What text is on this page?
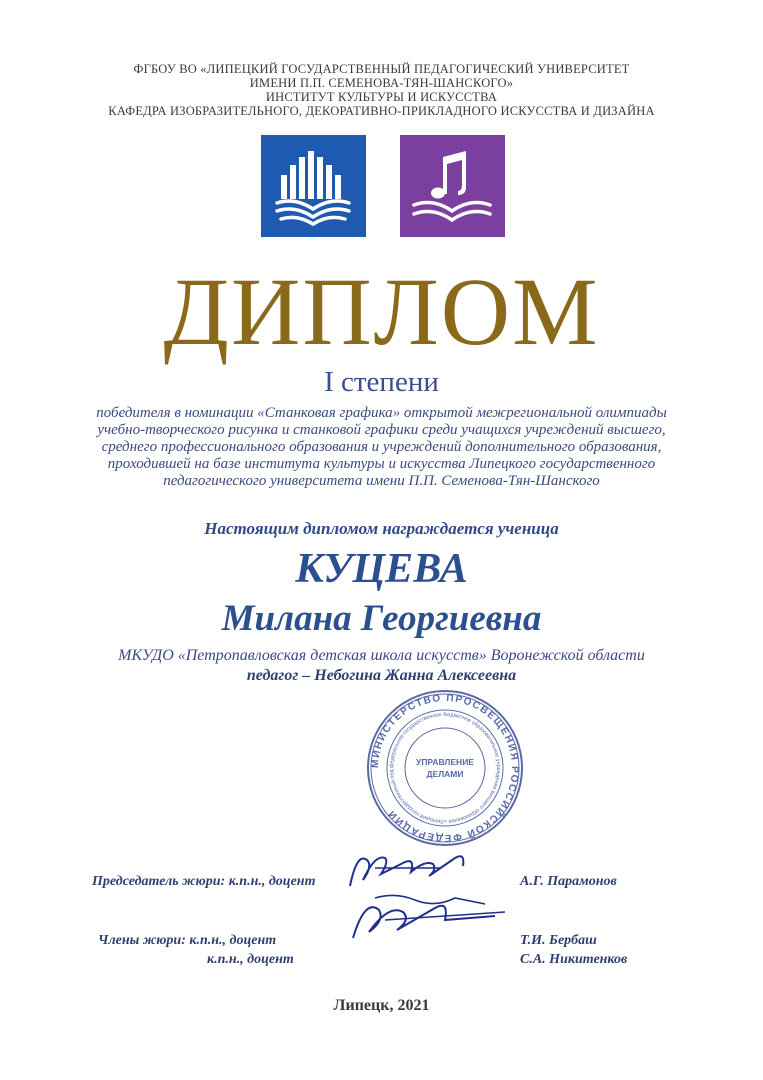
ФГБОУ ВО «ЛИПЕЦКИЙ ГОСУДАРСТВЕННЫЙ ПЕДАГОГИЧЕСКИЙ УНИВЕРСИТЕТ
ИМЕНИ П.П. СЕМЕНОВА-ТЯН-ШАНСКОГО»
ИНСТИТУТ КУЛЬТУРЫ И ИСКУССТВА
КАФЕДРА ИЗОБРАЗИТЕЛЬНОГО, ДЕКОРАТИВНО-ПРИКЛАДНОГО ИСКУССТВА И ДИЗАЙНА
ДИПЛОМ
I степени
победителя в номинации «Станковая графика» открытой межрегиональной олимпиады
учебно-творческого рисунка и станковой графики среди учащихся учреждений высшего,
среднего профессионального образования и учреждений дополнительного образования,
проходившей на базе института культуры и искусства Липецкого государственного
педагогического университета имени П.П. Семенова-Тян-Шанского
Настоящим дипломом награждается ученица
КУЦЕВА
Милана Георгиевна
МКУДО «Петропавловская детская школа искусств» Воронежской области
педагог – Небогина Жанна Алексеевна
МИНИСТЕРСТВО ПРОСВЕЩЕНИЯ РОССИЙСКОЙ ФЕДЕРАЦИИ
федеральное государственное бюджетное образовательное учреждение высшего образования «Липецкий государственный пед
УПРАВЛЕНИЕ
ДЕЛАМИ
Председатель жюри: к.п.н., доцент	А.Г. Парамонов
Члены жюри: к.п.н., доцент
к.п.н., доцент
Т.И. Бербаш
С.А. Никитенков
Липецк, 2021
